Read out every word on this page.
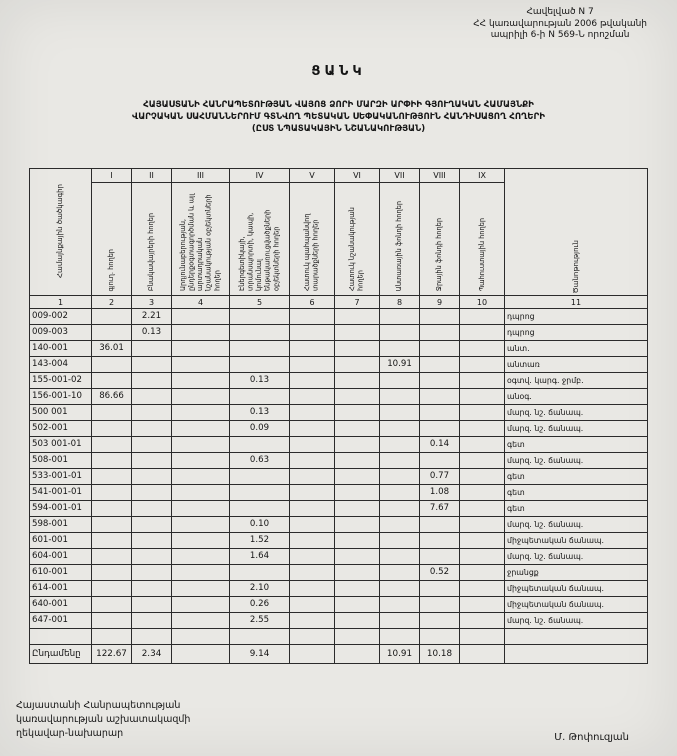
Հավելված N 7
ՀՀ կառավարության 2006 թվականի
ապրիլի 6-ի N 569-Ն որոշման
ՑԱՆԿ
ՀԱՅԱՍՏԱՆԻ ՀԱՆՐԱՊԵՏՈՒԹՅԱՆ ՎԱՅՈՑ ՁՈՐԻ ՄԱՐԶԻ ԱՐՓԻԻ ԳՅՈՒՂԱԿԱՆ ՀԱՄԱՅՆՔԻ
ՎԱՐՉԱԿԱՆ ՍԱՀՄԱՆՆԵՐՈՒՄ ԳՏՆՎՈՂ ՊԵՏԱԿԱՆ ՍԵՓԱԿԱՆՈՒԹՅՈՒՆ ՀԱՆԴԻՍԱՑՈՂ ՀՈՂԵՐԻ
(ԸՍՏ ՆՊԱՏԱԿԱՅԻՆ ՆՇԱՆԱԿՈՒԹՅԱՆ)
Համայնքային ծածկագիր	I	II	III	IV	V	VI	VII	VIII	IX	Ծանոթություն
	գյուղ. հողեր	Բնակավայրերի հողեր	Արդյունաբերության, ընդերքօգտագործման և այլ արտադրական նշանակության օբյեկտների հողեր	Էներգետիկայի, տրանսպորտի, կապի, կոմունալ ենթակառուցվածքների օբյեկտների հողեր	Հատուկ պահպանվող տարածքների հողեր	Հատուկ նշանակության հողեր	Անտառային ֆոնդի հողեր	Ջրային ֆոնդի հողեր	Պահուստային հողեր	
1	2	3	4	5	6	7	8	9	10	11
009-002		2.21								դպրոց
009-003		0.13								դպրոց
140-001	36.01									անտ.
143-004							10.91			անտառ
155-001-02				0.13						օգտվ. կարգ. ջրմբ.
156-001-10	86.66									անօգ.
500 001				0.13						մարզ. նշ. ճանապ.
502-001				0.09						մարզ. նշ. ճանապ.
503 001-01								0.14		գետ
508-001				0.63						մարզ. նշ. ճանապ.
533-001-01								0.77		գետ
541-001-01								1.08		գետ
594-001-01								7.67		գետ
598-001				0.10						մարզ. նշ. ճանապ.
601-001				1.52						միջպետական ճանապ.
604-001				1.64						մարզ. նշ. ճանապ.
610-001								0.52		ջրանցք
614-001				2.10						միջպետական ճանապ.
640-001				0.26						միջպետական ճանապ.
647-001				2.55						մարզ. նշ. ճանապ.

Ընդամենը	122.67	2.34		9.14			10.91	10.18		
Հայաստանի Հանրապետության
կառավարության աշխատակազմի
ղեկավար-նախարար	Մ. Թոփուզյան
